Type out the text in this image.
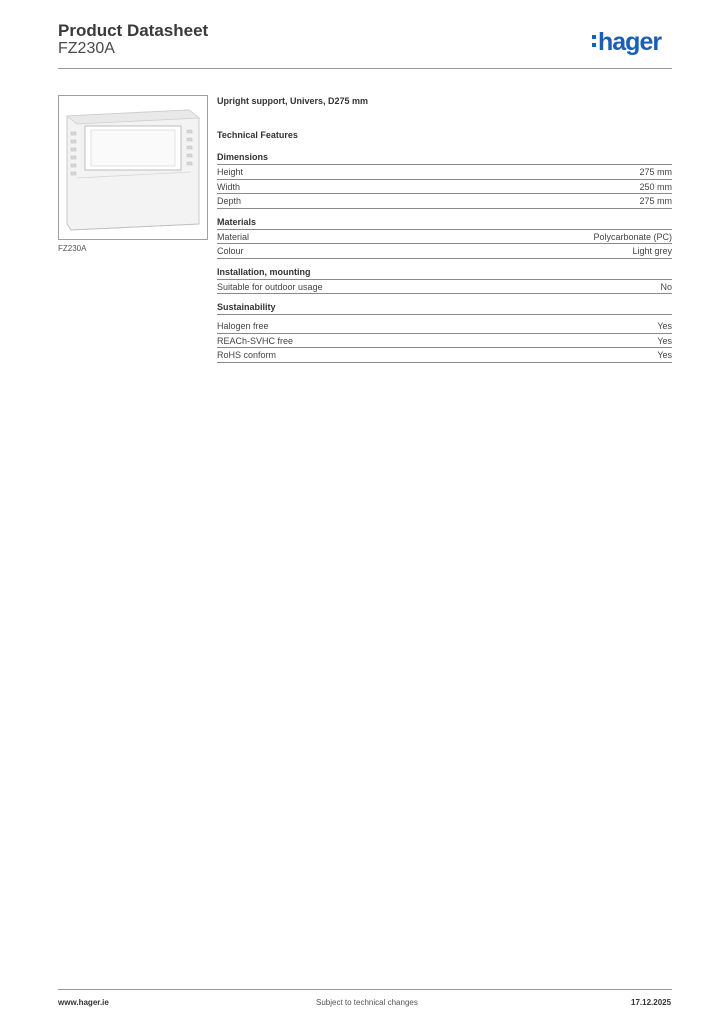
Product Datasheet
FZ230A	hager
FZ230A
Upright support, Univers, D275 mm
Technical Features
Dimensions
Height	275 mm
Width	250 mm
Depth	275 mm
Materials
Material	Polycarbonate (PC)
Colour	Light grey
Installation, mounting
Suitable for outdoor usage	No
Sustainability
Halogen free	Yes
REACh-SVHC free	Yes
RoHS conform	Yes
www.hager.ie	Subject to technical changes	17.12.2025
